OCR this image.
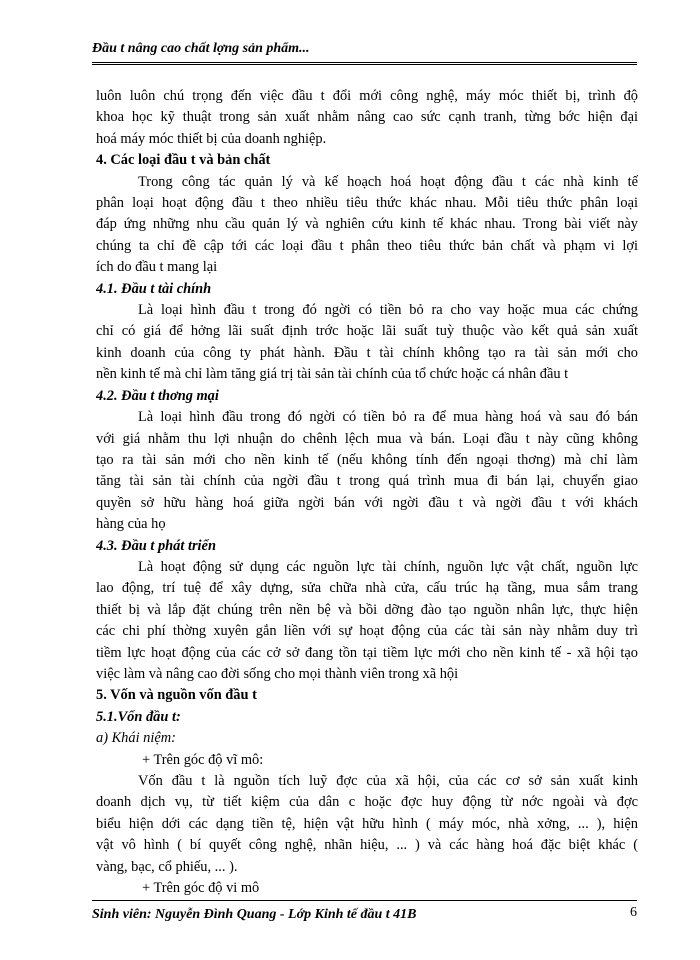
Đầu t nâng cao chất lợng sản phẩm...
luôn luôn chú trọng đến việc đầu t đổi mới công nghệ, máy móc thiết bị, trình độ
khoa học kỹ thuật trong sản xuất nhằm nâng cao sức cạnh tranh, từng bớc hiện đại
hoá máy móc thiết bị của doanh nghiệp.
4. Các loại đầu t và bản chất
Trong công tác quản lý và kế hoạch hoá hoạt động đầu t các nhà kinh tế
phân loại hoạt động đầu t theo nhiều tiêu thức khác nhau. Mỗi tiêu thức phân loại
đáp ứng những nhu cầu quản lý và nghiên cứu kinh tế khác nhau. Trong bài viết này
chúng ta chỉ đề cập tới các loại đầu t phân theo tiêu thức bản chất và phạm vi lợi
ích do đầu t mang lại
4.1. Đầu t tài chính
Là loại hình đầu t trong đó ngời có tiền bỏ ra cho vay hoặc mua các chứng
chỉ có giá để hởng lãi suất định trớc hoặc lãi suất tuỳ thuộc vào kết quả sản xuất
kinh doanh của công ty phát hành. Đầu t tài chính không tạo ra tài sản mới cho
nền kinh tế mà chỉ làm tăng giá trị tài sản tài chính của tổ chức hoặc cá nhân đầu t
4.2. Đầu t thơng mại
Là loại hình đầu trong đó ngời có tiền bỏ ra để mua hàng hoá và sau đó bán
với giá nhằm thu lợi nhuận do chênh lệch mua và bán. Loại đầu t này cũng không
tạo ra tài sản mới cho nền kinh tế (nếu không tính đến ngoại thơng) mà chỉ làm
tăng tài sản tài chính của ngời đầu t trong quá trình mua đi bán lại, chuyển giao
quyền sở hữu hàng hoá giữa ngời bán với ngời đầu t và ngời đầu t với khách
hàng của họ
4.3. Đầu t phát triển
Là hoạt động sử dụng các nguồn lực tài chính, nguồn lực vật chất, nguồn lực
lao động, trí tuệ để xây dựng, sửa chữa nhà cửa, cấu trúc hạ tầng, mua sắm trang
thiết bị và lắp đặt chúng trên nền bệ và bồi dỡng đào tạo nguồn nhân lực, thực hiện
các chi phí thờng xuyên gắn liền với sự hoạt động của các tài sản này nhằm duy trì
tiềm lực hoạt động của các cở sở đang tồn tại tiềm lực mới cho nền kinh tế - xã hội tạo
việc làm và nâng cao đời sống cho mọi thành viên trong xã hội
5. Vốn và nguồn vốn đầu t
5.1.Vốn đầu t:
a) Khái niệm:
+ Trên góc độ vĩ mô:
Vốn đầu t là nguồn tích luỹ đợc của xã hội, của các cơ sở sản xuất kinh
doanh dịch vụ, từ tiết kiệm của dân c hoặc đợc huy động từ nớc ngoài và đợc
biểu hiện dới các dạng tiền tệ, hiện vật hữu hình ( máy móc, nhà xởng, ... ), hiện
vật vô hình ( bí quyết công nghệ, nhãn hiệu, ... ) và các hàng hoá đặc biệt khác (
vàng, bạc, cổ phiếu, ... ).
+ Trên góc độ vi mô
Sinh viên: Nguyễn Đình Quang - Lớp Kinh tế đầu t 41B	6
